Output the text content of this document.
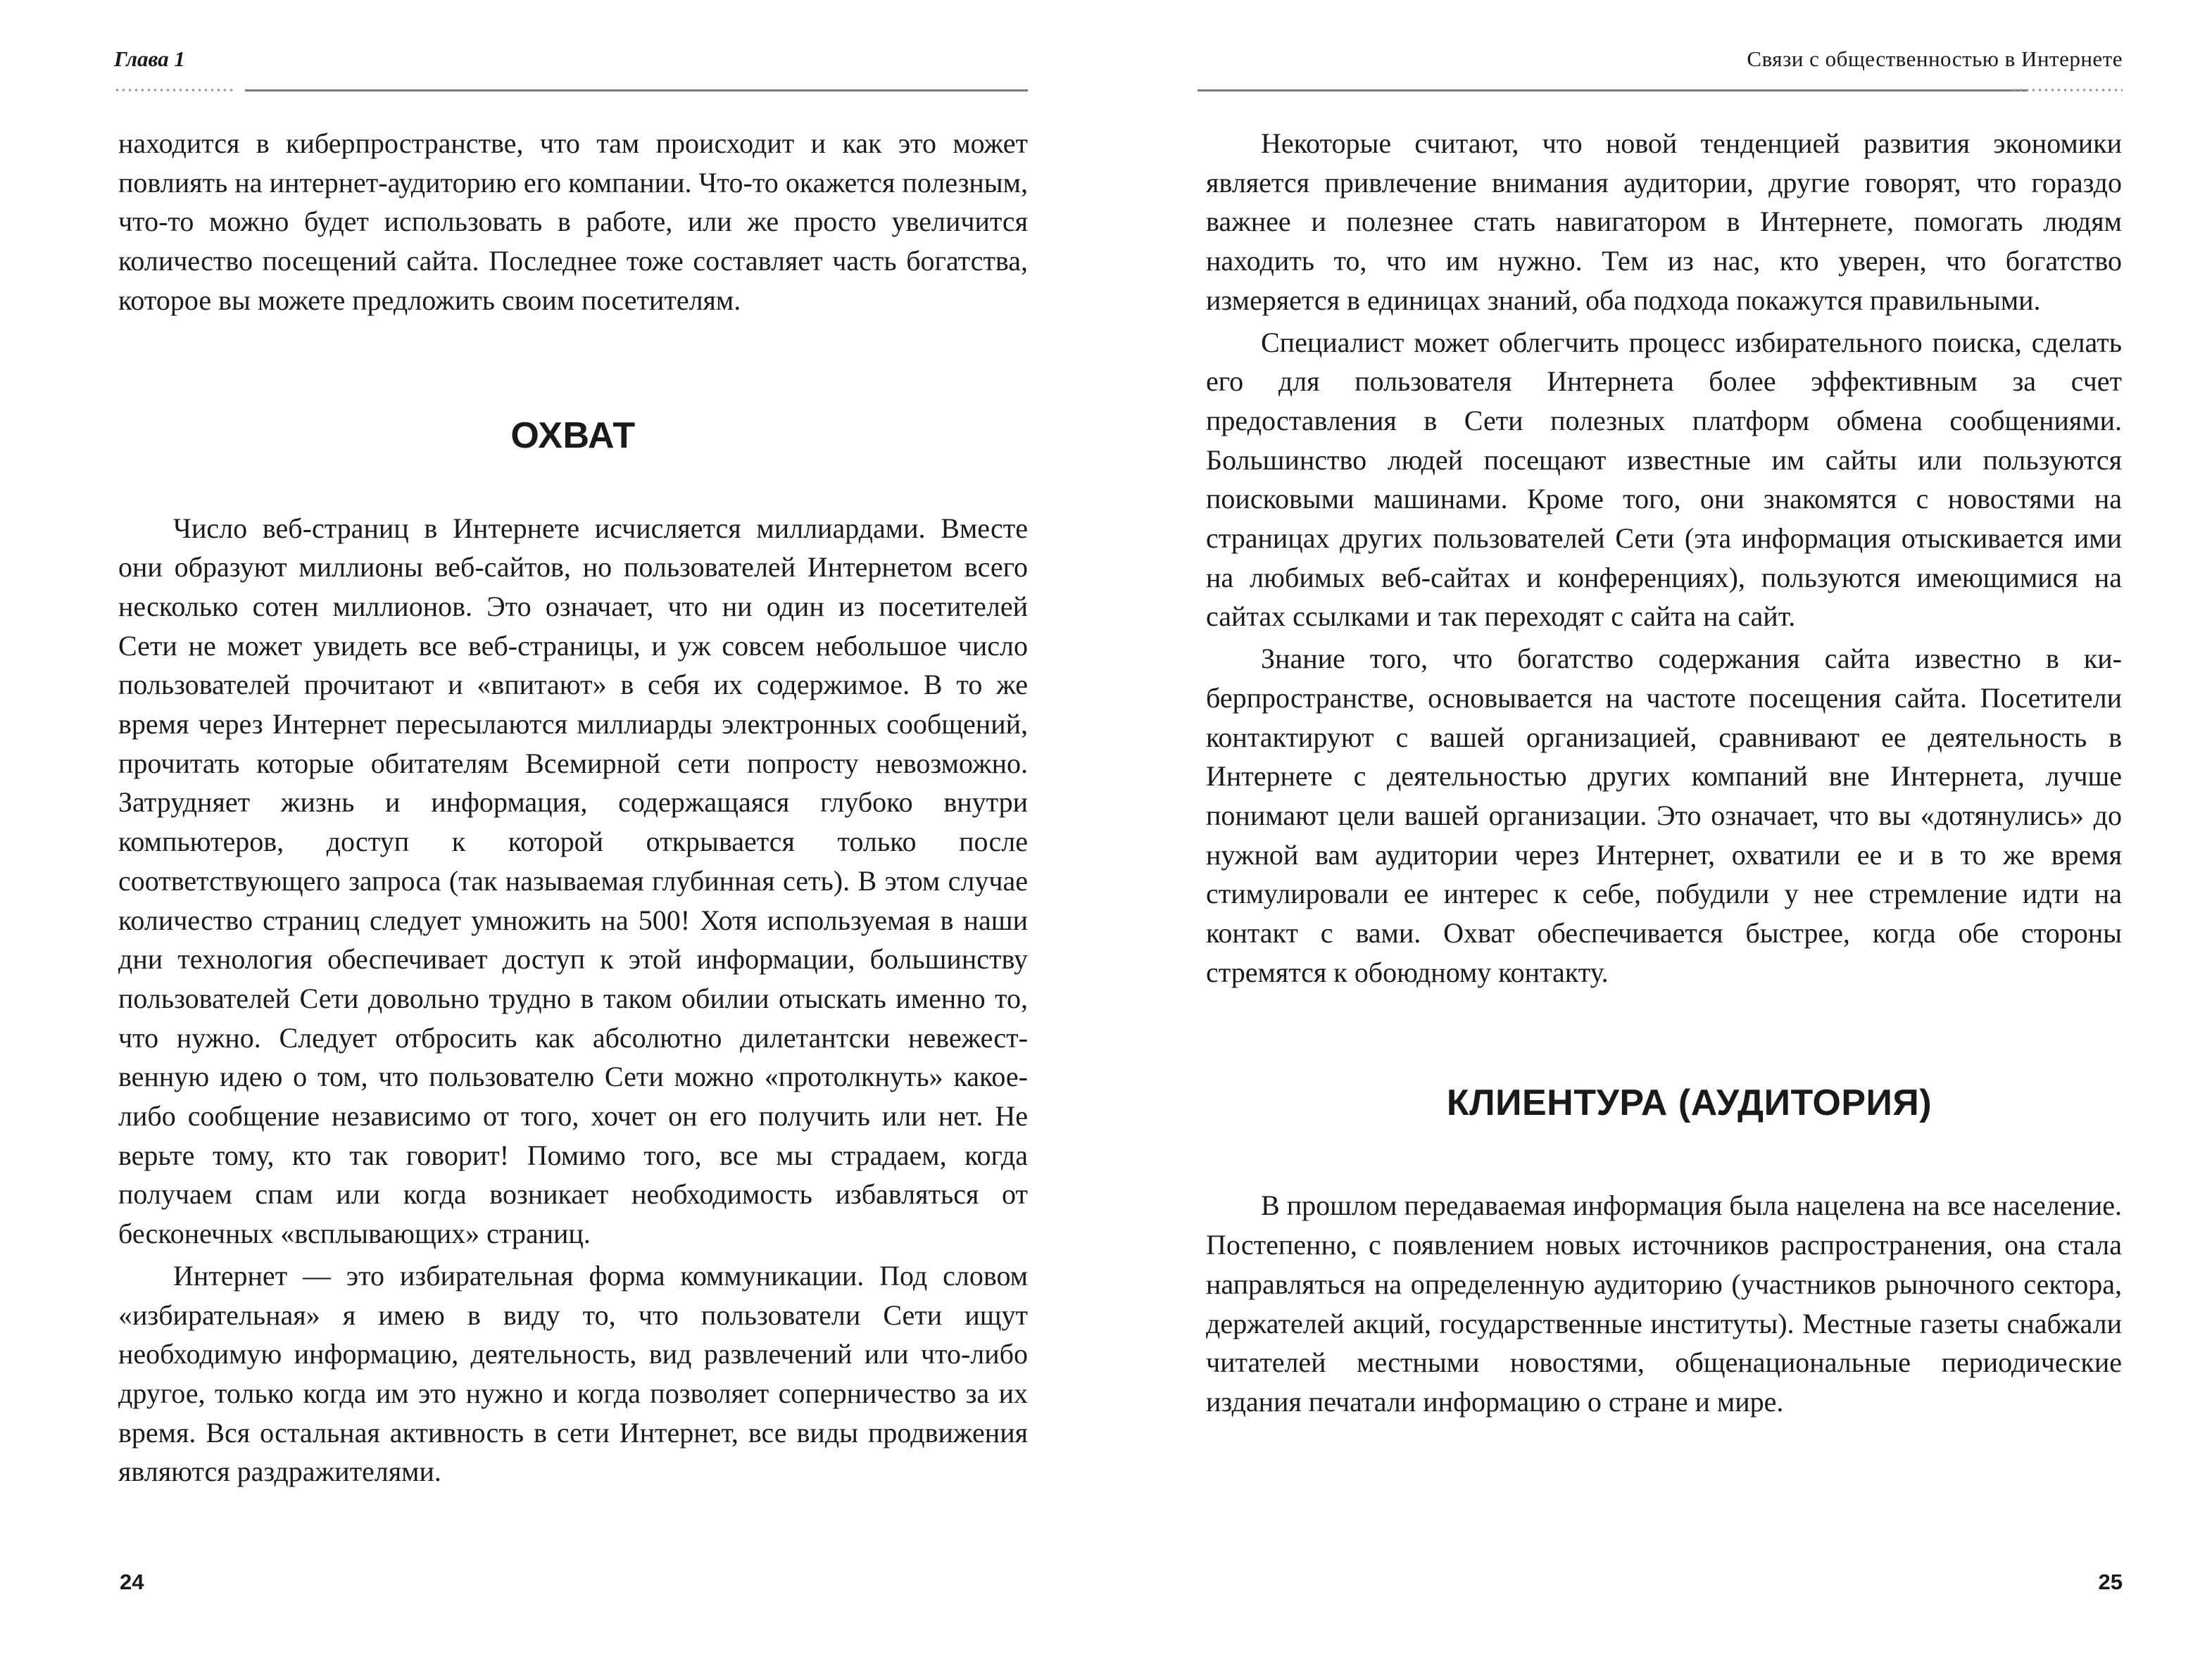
Глава 1

находится в киберпространстве, что там происходит и как это может повлиять на интернет-аудиторию его компании. Что-то окажется полезным, что-то можно будет использовать в работе, или же просто увеличится количество посещений сайта. Последнее тоже составляет часть богатства, которое вы можете предложить своим посетителям.

ОХВАТ

Число веб-страниц в Интернете исчисляется миллиардами. Вместе они образуют миллионы веб-сайтов, но пользователей Интернетом всего несколько сотен миллионов. Это означает, что ни один из посетителей Сети не может увидеть все веб-страницы, и уж совсем небольшое число пользователей прочитают и «впитают» в себя их содержимое. В то же время через Интернет пересылаются миллиарды электронных сообщений, прочитать которые обитателям Всемирной сети попросту невозможно. Затрудняет жизнь и информация, содержащаяся глубоко внутри компьютеров, доступ к которой открывается только после соответствующего запроса (так называемая глубинная сеть). В этом случае количество страниц следует умножить на 500! Хотя используемая в наши дни технология обеспечивает доступ к этой информации, большинству пользователей Сети довольно трудно в таком обилии отыскать именно то, что нужно. Следует отбросить как абсолютно дилетантски невежественную идею о том, что пользователю Сети можно «протолкнуть» какое-либо сообщение независимо от того, хочет он его получить или нет. Не верьте тому, кто так говорит! Помимо того, все мы страдаем, когда получаем спам или когда возникает необходимость избавляться от бесконечных «всплывающих» страниц.

Интернет — это избирательная форма коммуникации. Под словом «избирательная» я имею в виду то, что пользователи Сети ищут необходимую информацию, деятельность, вид развлечений или что-либо другое, только когда им это нужно и когда позволяет соперничество за их время. Вся остальная активность в сети Интернет, все виды продвижения являются раздражителями.

24
Связи с общественностью в Интернете

Некоторые считают, что новой тенденцией развития экономики является привлечение внимания аудитории, другие говорят, что гораздо важнее и полезнее стать навигатором в Интернете, помогать людям находить то, что им нужно. Тем из нас, кто уверен, что богатство измеряется в единицах знаний, оба подхода покажутся правильными.

Специалист может облегчить процесс избирательного поиска, сделать его для пользователя Интернета более эффективным за счет предоставления в Сети полезных платформ обмена сообщениями. Большинство людей посещают известные им сайты или пользуются поисковыми машинами. Кроме того, они знакомятся с новостями на страницах других пользователей Сети (эта информация отыскивается ими на любимых веб-сайтах и конференциях), пользуются имеющимися на сайтах ссылками и так переходят с сайта на сайт.

Знание того, что богатство содержания сайта известно в киберпространстве, основывается на частоте посещения сайта. Посетители контактируют с вашей организацией, сравнивают ее деятельность в Интернете с деятельностью других компаний вне Интернета, лучше понимают цели вашей организации. Это означает, что вы «дотянулись» до нужной вам аудитории через Интернет, охватили ее и в то же время стимулировали ее интерес к себе, побудили у нее стремление идти на контакт с вами. Охват обеспечивается быстрее, когда обе стороны стремятся к обоюдному контакту.

КЛИЕНТУРА (АУДИТОРИЯ)

В прошлом передаваемая информация была нацелена на все население. Постепенно, с появлением новых источников распространения, она стала направляться на определенную аудиторию (участников рыночного сектора, держателей акций, государственные институты). Местные газеты снабжали читателей местными новостями, общенациональные периодические издания печатали информацию о стране и мире.

25
